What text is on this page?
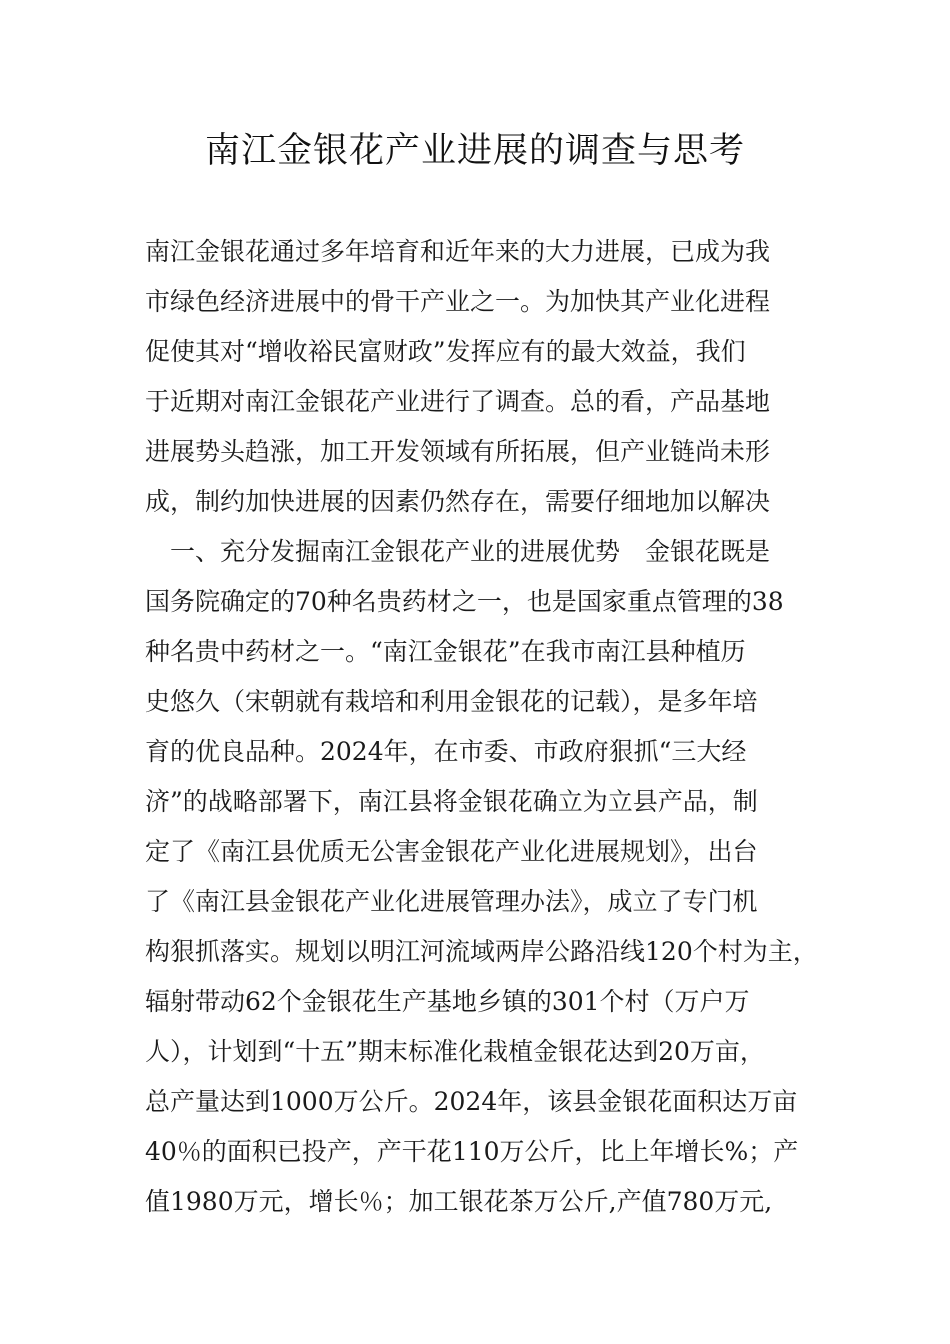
南江金银花产业进展的调查与思考
南江金银花通过多年培育和近年来的大力进展，已成为我
市绿色经济进展中的骨干产业之一。为加快其产业化进程
促使其对“增收裕民富财政”发挥应有的最大效益，我们
于近期对南江金银花产业进行了调查。总的看，产品基地
进展势头趋涨，加工开发领域有所拓展，但产业链尚未形
成，制约加快进展的因素仍然存在，需要仔细地加以解决
　一、充分发掘南江金银花产业的进展优势　金银花既是
国务院确定的70种名贵药材之一，也是国家重点管理的38
种名贵中药材之一。“南江金银花”在我市南江县种植历
史悠久（宋朝就有栽培和利用金银花的记载），是多年培
育的优良品种。2024年，在市委、市政府狠抓“三大经
济”的战略部署下，南江县将金银花确立为立县产品，制
定了《南江县优质无公害金银花产业化进展规划》，出台
了《南江县金银花产业化进展管理办法》，成立了专门机
构狠抓落实。规划以明江河流域两岸公路沿线120个村为主，
辐射带动62个金银花生产基地乡镇的301个村（万户万
人），计划到“十五”期末标准化栽植金银花达到20万亩，
总产量达到1000万公斤。2024年，该县金银花面积达万亩
40％的面积已投产，产干花110万公斤，比上年增长%；产
值1980万元，增长％；加工银花茶万公斤,产值780万元,
